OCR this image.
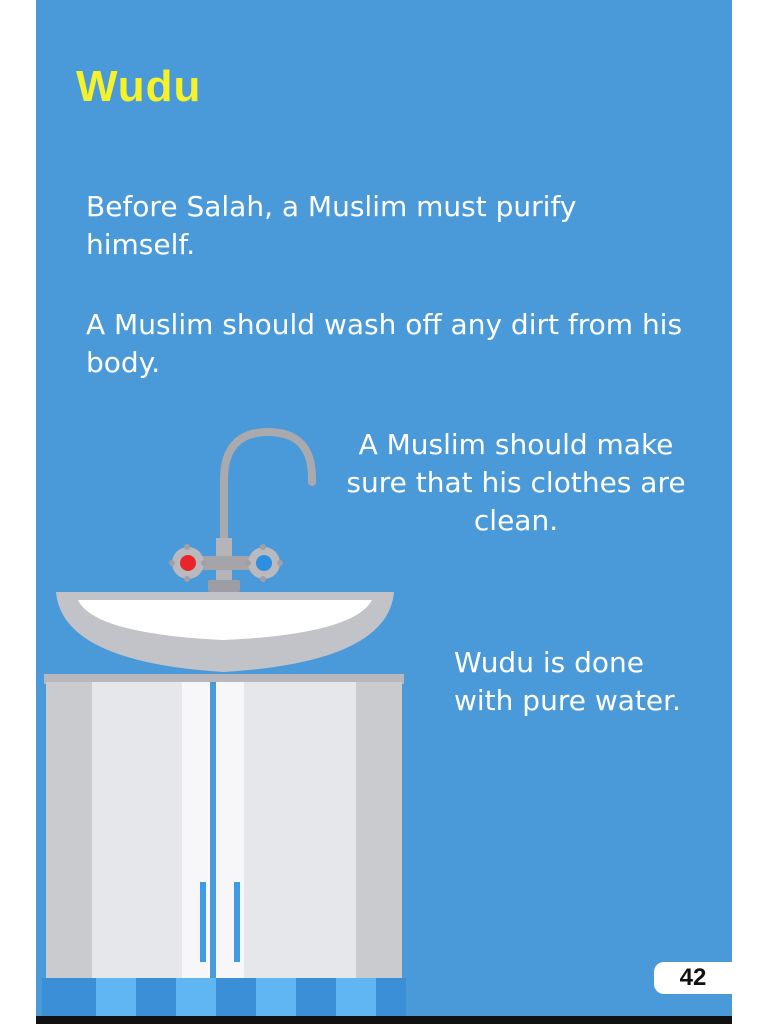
Wudu

Before Salah, a Muslim must purify himself.

A Muslim should wash off any dirt from his body.

A Muslim should make sure that his clothes are clean.

Wudu is done with pure water.

42
